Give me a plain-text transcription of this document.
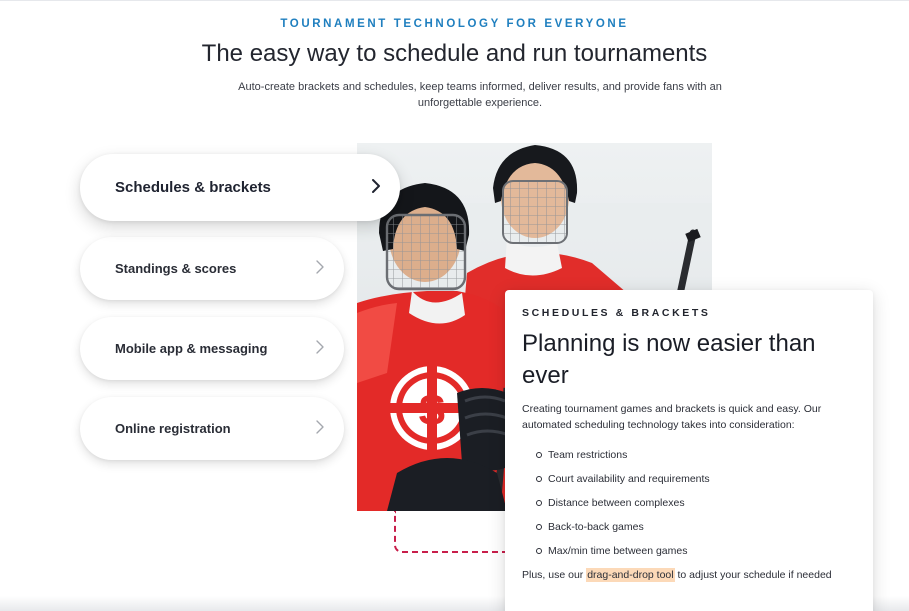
TOURNAMENT TECHNOLOGY FOR EVERYONE
The easy way to schedule and run tournaments

Auto-create brackets and schedules, keep teams informed, deliver results, and provide fans with an unforgettable experience.

Schedules & brackets
Standings & scores
Mobile app & messaging
Online registration	S
SCHEDULES & BRACKETS
Planning is now easier than ever

Creating tournament games and brackets is quick and easy. Our automated scheduling technology takes into consideration:

Team restrictions
Court availability and requirements
Distance between complexes
Back-to-back games
Max/min time between games

Plus, use our drag-and-drop tool to adjust your schedule if needed
